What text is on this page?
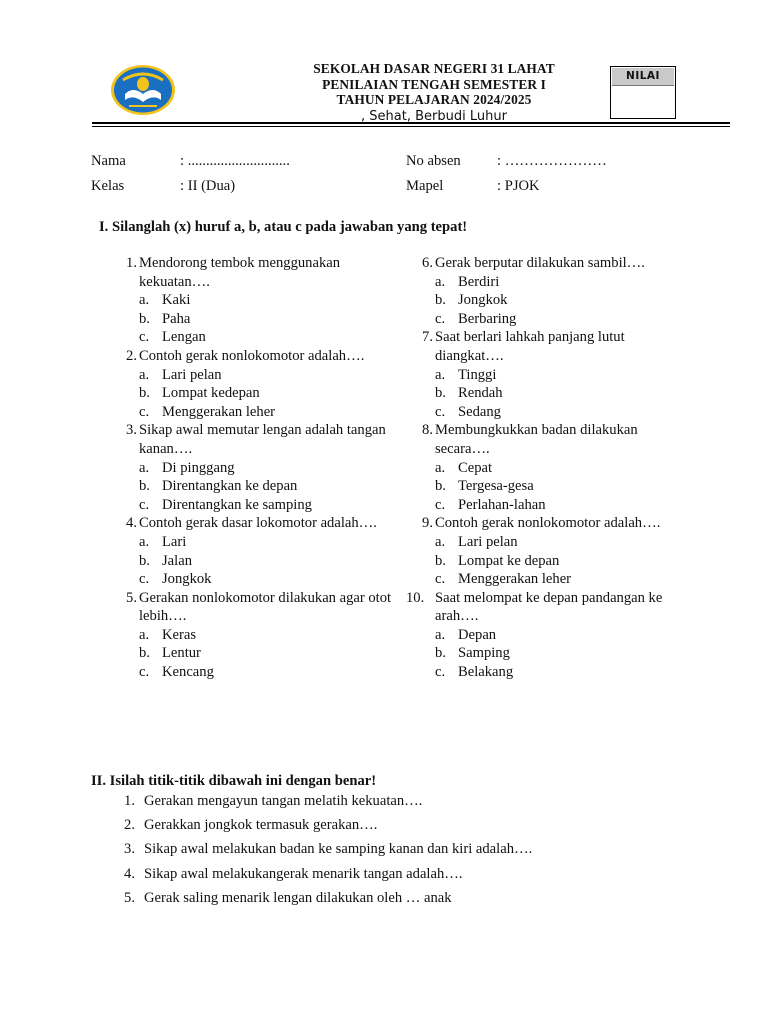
SEKOLAH DASAR NEGERI 31 LAHAT
PENILAIAN TENGAH SEMESTER I
TAHUN PELAJARAN 2024/2025
, Sehat, Berbudi Luhur
NILAI
Nama	: ............................
Kelas	: II (Dua)
No absen : …………………
Mapel	: PJOK
I. Silanglah (x) huruf a, b, atau c pada jawaban yang tepat!
1. Mendorong tembok menggunakan kekuatan….
a. Kaki
b. Paha
c. Lengan
2. Contoh gerak nonlokomotor adalah….
a. Lari pelan
b. Lompat kedepan
c. Menggerakan leher
3. Sikap awal memutar lengan adalah tangan kanan….
a. Di pinggang
b. Direntangkan ke depan
c. Direntangkan ke samping
4. Contoh gerak dasar lokomotor adalah….
a. Lari
b. Jalan
c. Jongkok
5. Gerakan nonlokomotor dilakukan agar otot lebih….
a. Keras
b. Lentur
c. Kencang
6. Gerak berputar dilakukan sambil….
a. Berdiri
b. Jongkok
c. Berbaring
7. Saat berlari lahkah panjang lutut diangkat….
a. Tinggi
b. Rendah
c. Sedang
8. Membungkukkan badan dilakukan secara….
a. Cepat
b. Tergesa-gesa
c. Perlahan-lahan
9. Contoh gerak nonlokomotor adalah….
a. Lari pelan
b. Lompat ke depan
c. Menggerakan leher
10. Saat melompat ke depan pandangan ke arah….
a. Depan
b. Samping
c. Belakang
II. Isilah titik-titik dibawah ini dengan benar!
1. Gerakan mengayun tangan melatih kekuatan….
2. Gerakkan jongkok termasuk gerakan….
3. Sikap awal melakukan badan ke samping kanan dan kiri adalah….
4. Sikap awal melakukangerak menarik tangan adalah….
5. Gerak saling menarik lengan dilakukan oleh … anak
